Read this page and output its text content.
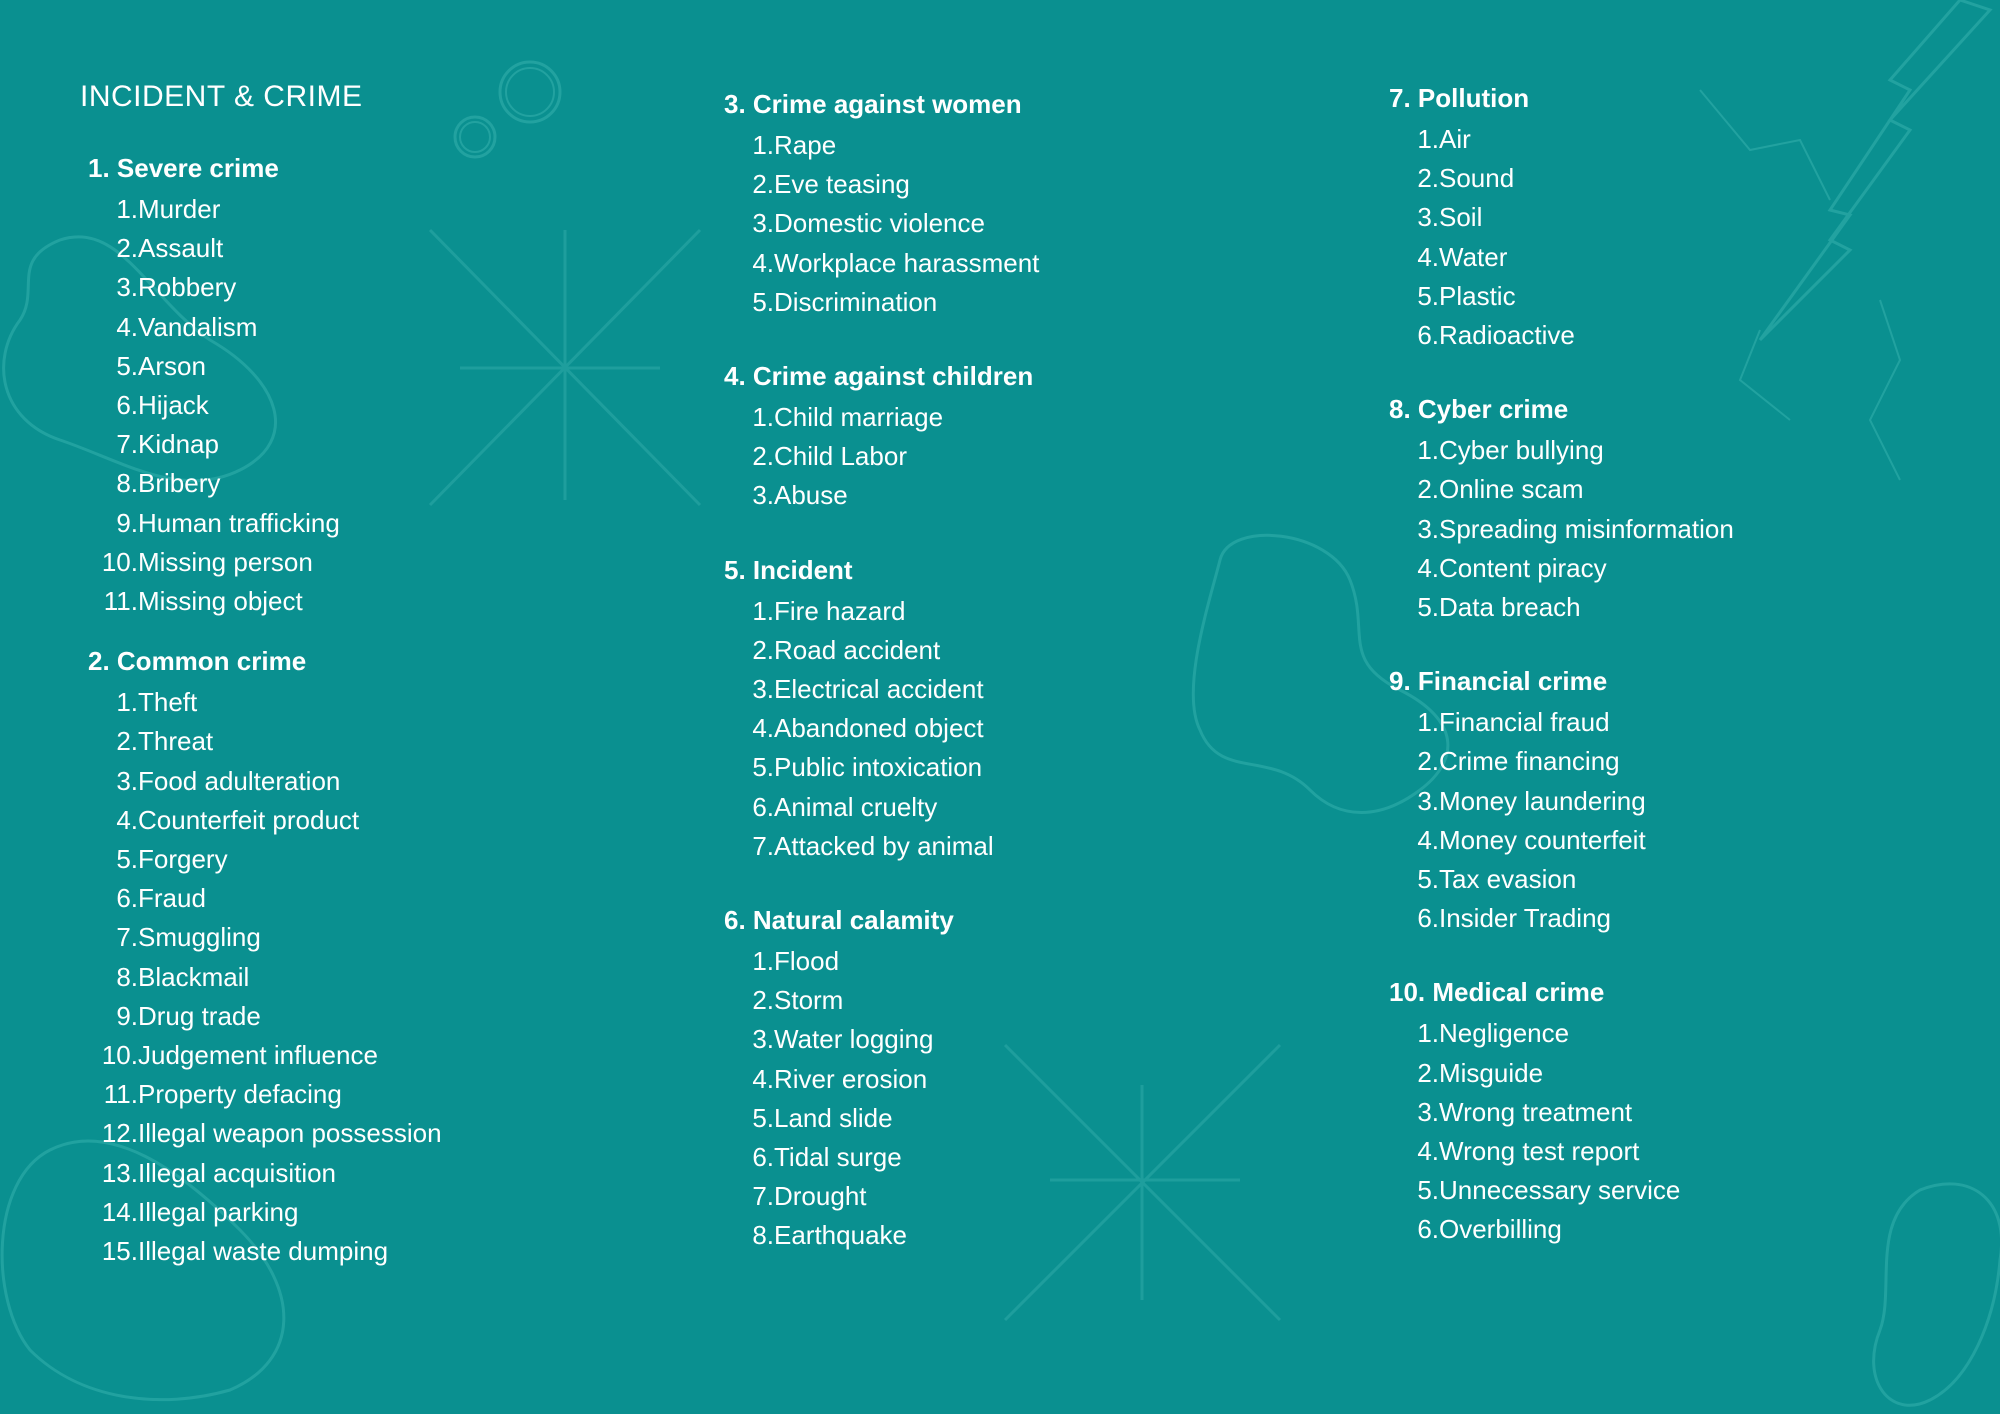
INCIDENT & CRIME
1. Severe crime
1. Murder
2. Assault
3. Robbery
4. Vandalism
5. Arson
6. Hijack
7. Kidnap
8. Bribery
9. Human trafficking
10. Missing person
11. Missing object
2. Common crime
1. Theft
2. Threat
3. Food adulteration
4. Counterfeit product
5. Forgery
6. Fraud
7. Smuggling
8. Blackmail
9. Drug trade
10. Judgement influence
11. Property defacing
12. Illegal weapon possession
13. Illegal acquisition
14. Illegal parking
15. Illegal waste dumping
3. Crime against women
1. Rape
2. Eve teasing
3. Domestic violence
4. Workplace harassment
5. Discrimination
4. Crime against children
1. Child marriage
2. Child Labor
3. Abuse
5. Incident
1. Fire hazard
2. Road accident
3. Electrical accident
4. Abandoned object
5. Public intoxication
6. Animal cruelty
7. Attacked by animal
6. Natural calamity
1. Flood
2. Storm
3. Water logging
4. River erosion
5. Land slide
6. Tidal surge
7. Drought
8. Earthquake
7. Pollution
1. Air
2. Sound
3. Soil
4. Water
5. Plastic
6. Radioactive
8. Cyber crime
1. Cyber bullying
2. Online scam
3. Spreading misinformation
4. Content piracy
5. Data breach
9. Financial crime
1. Financial fraud
2. Crime financing
3. Money laundering
4. Money counterfeit
5. Tax evasion
6. Insider Trading
10. Medical crime
1. Negligence
2. Misguide
3. Wrong treatment
4. Wrong test report
5. Unnecessary service
6. Overbilling
